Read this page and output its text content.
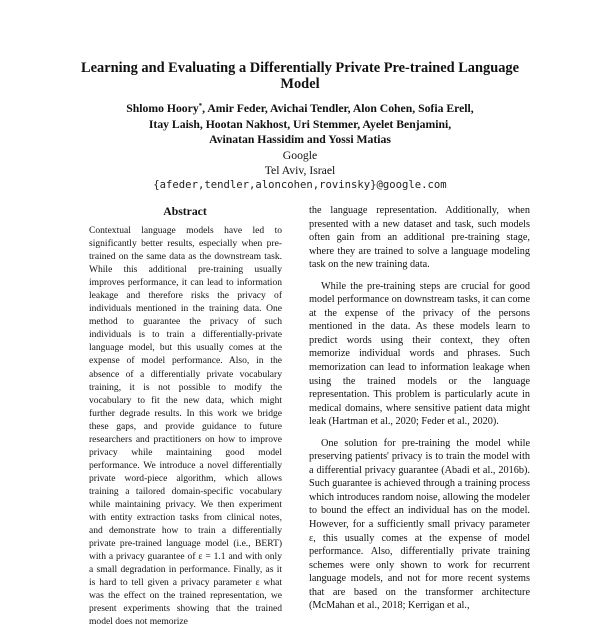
Learning and Evaluating a Differentially Private Pre-trained Language Model
Shlomo Hoory*, Amir Feder, Avichai Tendler, Alon Cohen, Sofia Erell,
Itay Laish, Hootan Nakhost, Uri Stemmer, Ayelet Benjamini,
Avinatan Hassidim and Yossi Matias
Google
Tel Aviv, Israel
{afeder,tendler,aloncohen,rovinsky}@google.com
Abstract

Contextual language models have led to significantly better results, especially when pre-trained on the same data as the downstream task. While this additional pre-training usually improves performance, it can lead to information leakage and therefore risks the privacy of individuals mentioned in the training data. One method to guarantee the privacy of such individuals is to train a differentially-private language model, but this usually comes at the expense of model performance. Also, in the absence of a differentially private vocabulary training, it is not possible to modify the vocabulary to fit the new data, which might further degrade results. In this work we bridge these gaps, and provide guidance to future researchers and practitioners on how to improve privacy while maintaining good model performance. We introduce a novel differentially private word-piece algorithm, which allows training a tailored domain-specific vocabulary while maintaining privacy. We then experiment with entity extraction tasks from clinical notes, and demonstrate how to train a differentially private pre-trained language model (i.e., BERT) with a privacy guarantee of ε = 1.1 and with only a small degradation in performance. Finally, as it is hard to tell given a privacy parameter ε what was the effect on the trained representation, we present experiments showing that the trained model does not memorize

the language representation. Additionally, when presented with a new dataset and task, such models often gain from an additional pre-training stage, where they are trained to solve a language modeling task on the new training data.

While the pre-training steps are crucial for good model performance on downstream tasks, it can come at the expense of the privacy of the persons mentioned in the data. As these models learn to predict words using their context, they often memorize individual words and phrases. Such memorization can lead to information leakage when using the trained models or the language representation. This problem is particularly acute in medical domains, where sensitive patient data might leak (Hartman et al., 2020; Feder et al., 2020).

One solution for pre-training the model while preserving patients' privacy is to train the model with a differential privacy guarantee (Abadi et al., 2016b). Such guarantee is achieved through a training process which introduces random noise, allowing the modeler to bound the effect an individual has on the model. However, for a sufficiently small privacy parameter ε, this usually comes at the expense of model performance. Also, differentially private training schemes were only shown to work for recurrent language models, and not for more recent systems that are based on the transformer architecture (McMahan et al., 2018; Kerrigan et al.,
